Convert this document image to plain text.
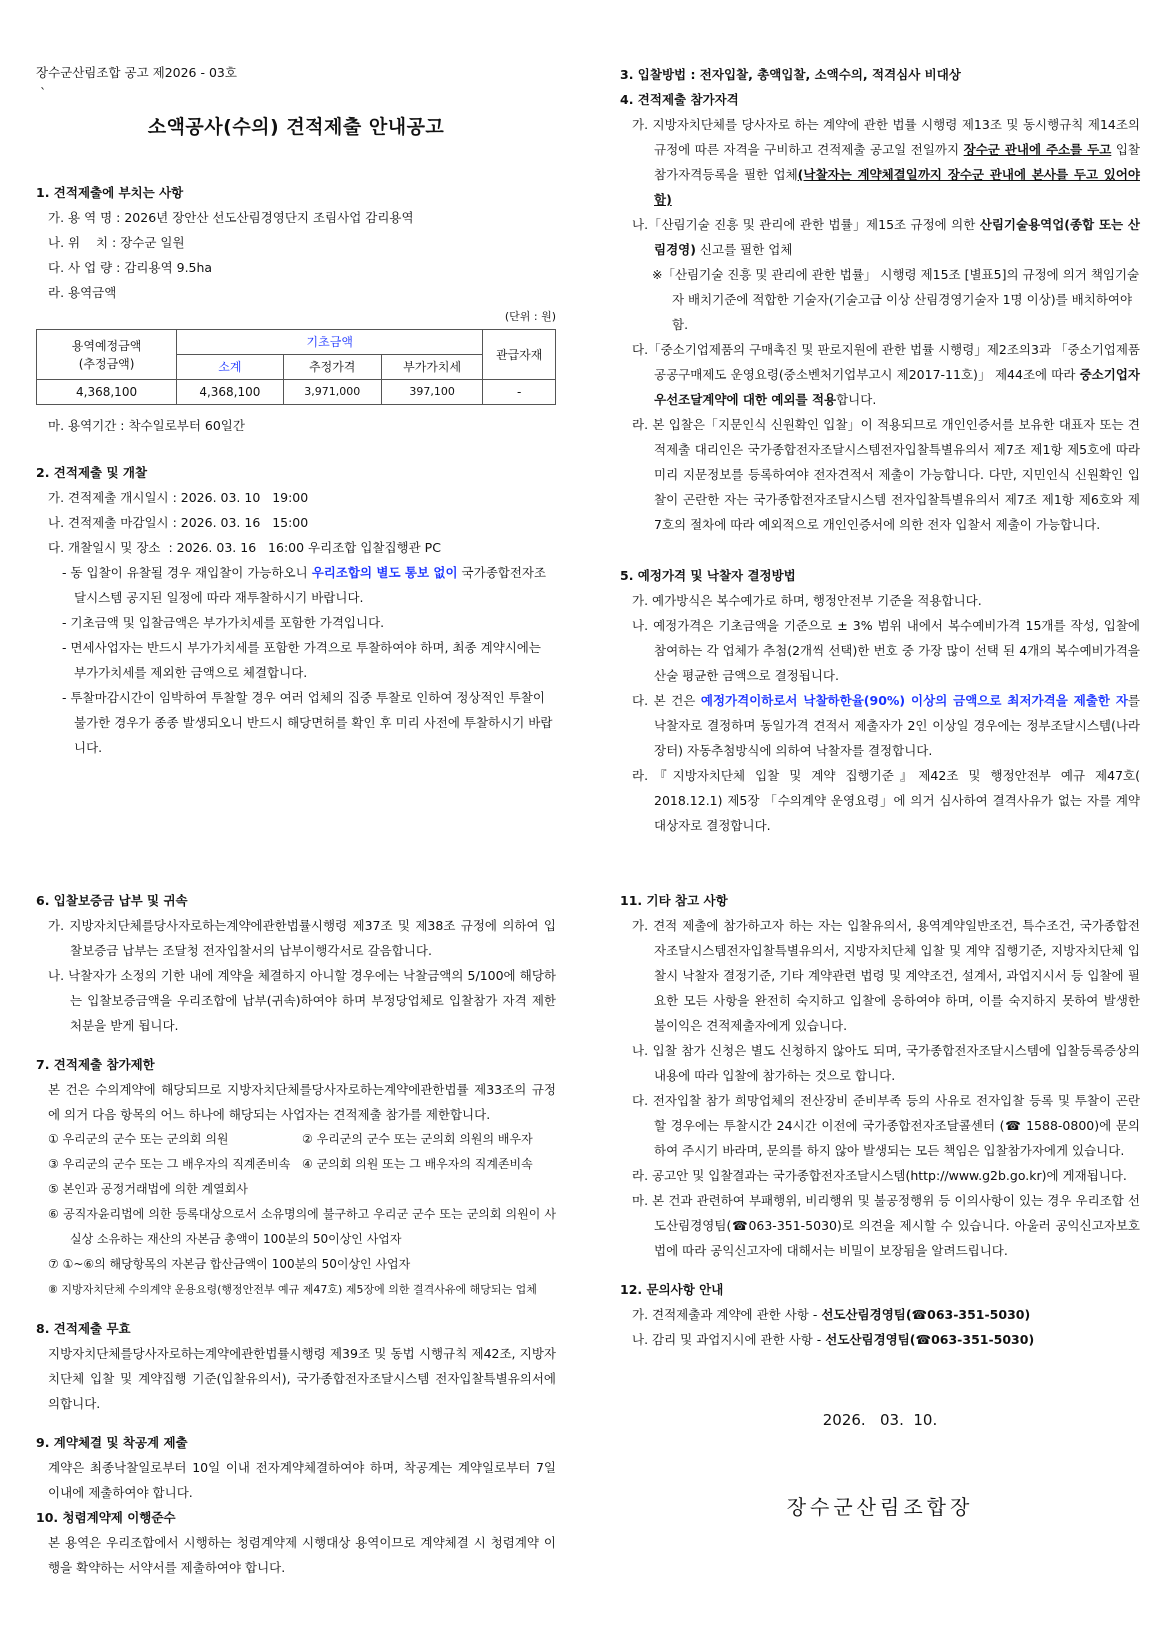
장수군산림조합 공고 제2026 - 03호
`
소액공사(수의) 견적제출 안내공고
1. 견적제출에 부치는 사항
가. 용 역 명 : 2026년 장안산 선도산림경영단지 조림사업 감리용역
나. 위    치 : 장수군 일원
다. 사 업 량 : 감리용역 9.5ha
라. 용역금액
(단위 : 원)
용역예정금액
(추정금액)	기초금액			관급자재
	소계	추정가격	부가가치세	
4,368,100	4,368,100	3,971,000	397,100	-
마. 용역기간 : 착수일로부터 60일간
2. 견적제출 및 개찰
가. 견적제출 개시일시 : 2026. 03. 10   19:00
나. 견적제출 마감일시 : 2026. 03. 16   15:00
다. 개찰일시 및 장소  : 2026. 03. 16   16:00 우리조합 입찰집행관 PC
- 동 입찰이 유찰될 경우 재입찰이 가능하오니 우리조합의 별도 통보 없이 국가종합전자조달시스템 공지된 일정에 따라 재투찰하시기 바랍니다.
- 기초금액 및 입찰금액은 부가가치세를 포함한 가격입니다.
- 면세사업자는 반드시 부가가치세를 포함한 가격으로 투찰하여야 하며, 최종 계약시에는 부가가치세를 제외한 금액으로 체결합니다.
- 투찰마감시간이 임박하여 투찰할 경우 여러 업체의 집중 투찰로 인하여 정상적인 투찰이 불가한 경우가 종종 발생되오니 반드시 해당면허를 확인 후 미리 사전에 투찰하시기 바랍니다.
3. 입찰방법 : 전자입찰, 총액입찰, 소액수의, 적격심사 비대상
4. 견적제출 참가자격
가. 지방자치단체를 당사자로 하는 계약에 관한 법률 시행령 제13조 및 동시행규칙 제14조의 규정에 따른 자격을 구비하고 견적제출 공고일 전일까지 장수군 관내에 주소를 두고 입찰참가자격등록을 필한 업체(낙찰자는 계약체결일까지 장수군 관내에 본사를 두고 있어야 함)
나.「산림기술 진흥 및 관리에 관한 법률」제15조 규정에 의한 산림기술용역업(종합 또는 산림경영) 신고를 필한 업체
※「산림기술 진흥 및 관리에 관한 법률」 시행령 제15조 [별표5]의 규정에 의거 책임기술자 배치기준에 적합한 기술자(기술고급 이상 산림경영기술자 1명 이상)를 배치하여야 함.
다.「중소기업제품의 구매촉진 및 판로지원에 관한 법률 시행령」제2조의3과 「중소기업제품 공공구매제도 운영요령(중소벤처기업부고시 제2017-11호)」 제44조에 따라 중소기업자 우선조달계약에 대한 예외를 적용합니다.
라. 본 입찰은「지문인식 신원확인 입찰」이 적용되므로 개인인증서를 보유한 대표자 또는 견적제출 대리인은 국가종합전자조달시스템전자입찰특별유의서 제7조 제1항 제5호에 따라 미리 지문정보를 등록하여야 전자견적서 제출이 가능합니다. 다만, 지민인식 신원확인 입찰이 곤란한 자는 국가종합전자조달시스템 전자입찰특별유의서 제7조 제1항 제6호와 제7호의 절차에 따라 예외적으로 개인인증서에 의한 전자 입찰서 제출이 가능합니다.
5. 예정가격 및 낙찰자 결정방법
가. 예가방식은 복수예가로 하며, 행정안전부 기준을 적용합니다.
나. 예정가격은 기초금액을 기준으로 ± 3% 범위 내에서 복수예비가격 15개를 작성, 입찰에 참여하는 각 업체가 추첨(2개씩 선택)한 번호 중 가장 많이 선택 된 4개의 복수예비가격을 산술 평균한 금액으로 결정됩니다.
다. 본 건은 예정가격이하로서 낙찰하한율(90%) 이상의 금액으로 최저가격을 제출한 자를 낙찰자로 결정하며 동일가격 견적서 제출자가 2인 이상일 경우에는 정부조달시스템(나라장터) 자동추첨방식에 의하여 낙찰자를 결정합니다.
라.『지방자치단체 입찰 및 계약 집행기준』제42조 및 행정안전부 예규 제47호( 2018.12.1) 제5장 「수의계약 운영요령」에 의거 심사하여 결격사유가 없는 자를 계약대상자로 결정합니다.
6. 입찰보증금 납부 및 귀속
가. 지방자치단체를당사자로하는계약에관한법률시행령 제37조 및 제38조 규정에 의하여 입찰보증금 납부는 조달청 전자입찰서의 납부이행각서로 갈음합니다.
나. 낙찰자가 소정의 기한 내에 계약을 체결하지 아니할 경우에는 낙찰금액의 5/100에 해당하는 입찰보증금액을 우리조합에 납부(귀속)하여야 하며 부정당업체로 입찰참가 자격 제한처분을 받게 됩니다.
7. 견적제출 참가제한
본 건은 수의계약에 해당되므로 지방자치단체를당사자로하는계약에관한법률 제33조의 규정에 의거 다음 항목의 어느 하나에 해당되는 사업자는 견적제출 참가를 제한합니다.
① 우리군의 군수 또는 군의회 의원	② 우리군의 군수 또는 군의회 의원의 배우자
③ 우리군의 군수 또는 그 배우자의 직계존비속 ④ 군의회 의원 또는 그 배우자의 직계존비속
⑤ 본인과 공정거래법에 의한 계열회사
⑥ 공직자윤리법에 의한 등록대상으로서 소유명의에 불구하고 우리군 군수 또는 군의회 의원이 사실상 소유하는 재산의 자본금 총액이 100분의 50이상인 사업자
⑦ ①~⑥의 해당항목의 자본금 합산금액이 100분의 50이상인 사업자
⑧ 지방자치단체 수의계약 운용요령(행정안전부 예규 제47호) 제5장에 의한 결격사유에 해당되는 업체
8. 견적제출 무효
지방자치단체를당사자로하는계약에관한법률시행령 제39조 및 동법 시행규칙 제42조, 지방자치단체 입찰 및 계약집행 기준(입찰유의서), 국가종합전자조달시스템 전자입찰특별유의서에 의합니다.
9. 계약체결 및 착공계 제출
계약은 최종낙찰일로부터 10일 이내 전자계약체결하여야 하며, 착공계는 계약일로부터 7일 이내에 제출하여야 합니다.
10. 청렴계약제 이행준수
본 용역은 우리조합에서 시행하는 청렴계약제 시행대상 용역이므로 계약체결 시 청렴계약 이행을 확약하는 서약서를 제출하여야 합니다.
11. 기타 참고 사항
가. 견적 제출에 참가하고자 하는 자는 입찰유의서, 용역계약일반조건, 특수조건, 국가종합전자조달시스템전자입찰특별유의서, 지방자치단체 입찰 및 계약 집행기준, 지방자치단체 입찰시 낙찰자 결정기준, 기타 계약관련 법령 및 계약조건, 설계서, 과업지시서 등 입찰에 필요한 모든 사항을 완전히 숙지하고 입찰에 응하여야 하며, 이를 숙지하지 못하여 발생한 불이익은 견적제출자에게 있습니다.
나. 입찰 참가 신청은 별도 신청하지 않아도 되며, 국가종합전자조달시스템에 입찰등록증상의 내용에 따라 입찰에 참가하는 것으로 합니다.
다. 전자입찰 참가 희망업체의 전산장비 준비부족 등의 사유로 전자입찰 등록 및 투찰이 곤란할 경우에는 투찰시간 24시간 이전에 국가종합전자조달콜센터 (☎ 1588-0800)에 문의하여 주시기 바라며, 문의를 하지 않아 발생되는 모든 책임은 입찰참가자에게 있습니다.
라. 공고안 및 입찰결과는 국가종합전자조달시스템(http://www.g2b.go.kr)에 게재됩니다.
마. 본 건과 관련하여 부패행위, 비리행위 및 불공정행위 등 이의사항이 있는 경우 우리조합 선도산림경영팀(☎063-351-5030)로 의견을 제시할 수 있습니다. 아울러 공익신고자보호법에 따라 공익신고자에 대해서는 비밀이 보장됨을 알려드립니다.
12. 문의사항 안내
가. 견적제출과 계약에 관한 사항 - 선도산림경영팀(☎063-351-5030)
나. 감리 및 과업지시에 관한 사항 - 선도산림경영팀(☎063-351-5030)
2026.   03.  10.
장수군산림조합장
